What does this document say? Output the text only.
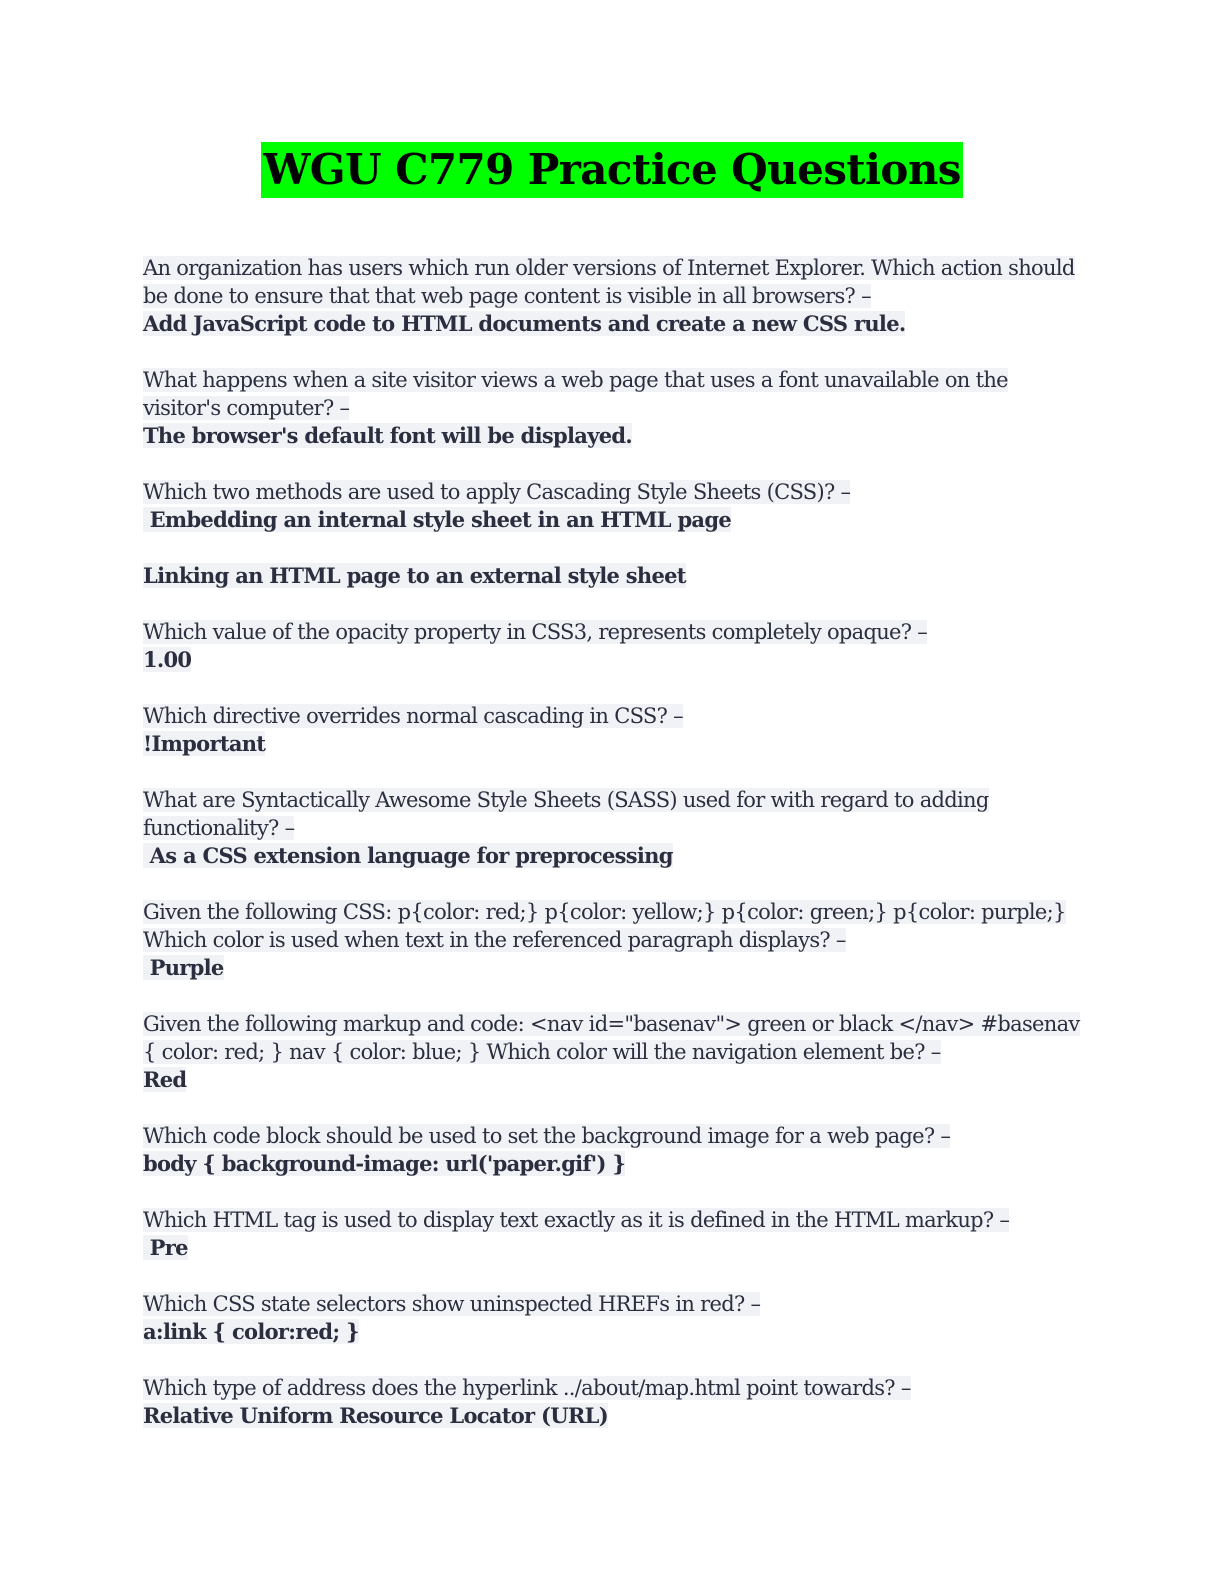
WGU C779 Practice Questions
An organization has users which run older versions of Internet Explorer. Which action should be done to ensure that that web page content is visible in all browsers? –
Add JavaScript code to HTML documents and create a new CSS rule.
What happens when a site visitor views a web page that uses a font unavailable on the visitor's computer? –
The browser's default font will be displayed.
Which two methods are used to apply Cascading Style Sheets (CSS)? –
Embedding an internal style sheet in an HTML page
Linking an HTML page to an external style sheet
Which value of the opacity property in CSS3, represents completely opaque? –
1.00
Which directive overrides normal cascading in CSS? –
!Important
What are Syntactically Awesome Style Sheets (SASS) used for with regard to adding functionality? –
As a CSS extension language for preprocessing
Given the following CSS: p{color: red;} p{color: yellow;} p{color: green;} p{color: purple;} Which color is used when text in the referenced paragraph displays? –
Purple
Given the following markup and code: <nav id="basenav"> green or black </nav> #basenav { color: red; } nav { color: blue; } Which color will the navigation element be? –
Red
Which code block should be used to set the background image for a web page? –
body { background-image: url('paper.gif') }
Which HTML tag is used to display text exactly as it is defined in the HTML markup? –
Pre
Which CSS state selectors show uninspected HREFs in red? –
a:link { color:red; }
Which type of address does the hyperlink ../about/map.html point towards? –
Relative Uniform Resource Locator (URL)
